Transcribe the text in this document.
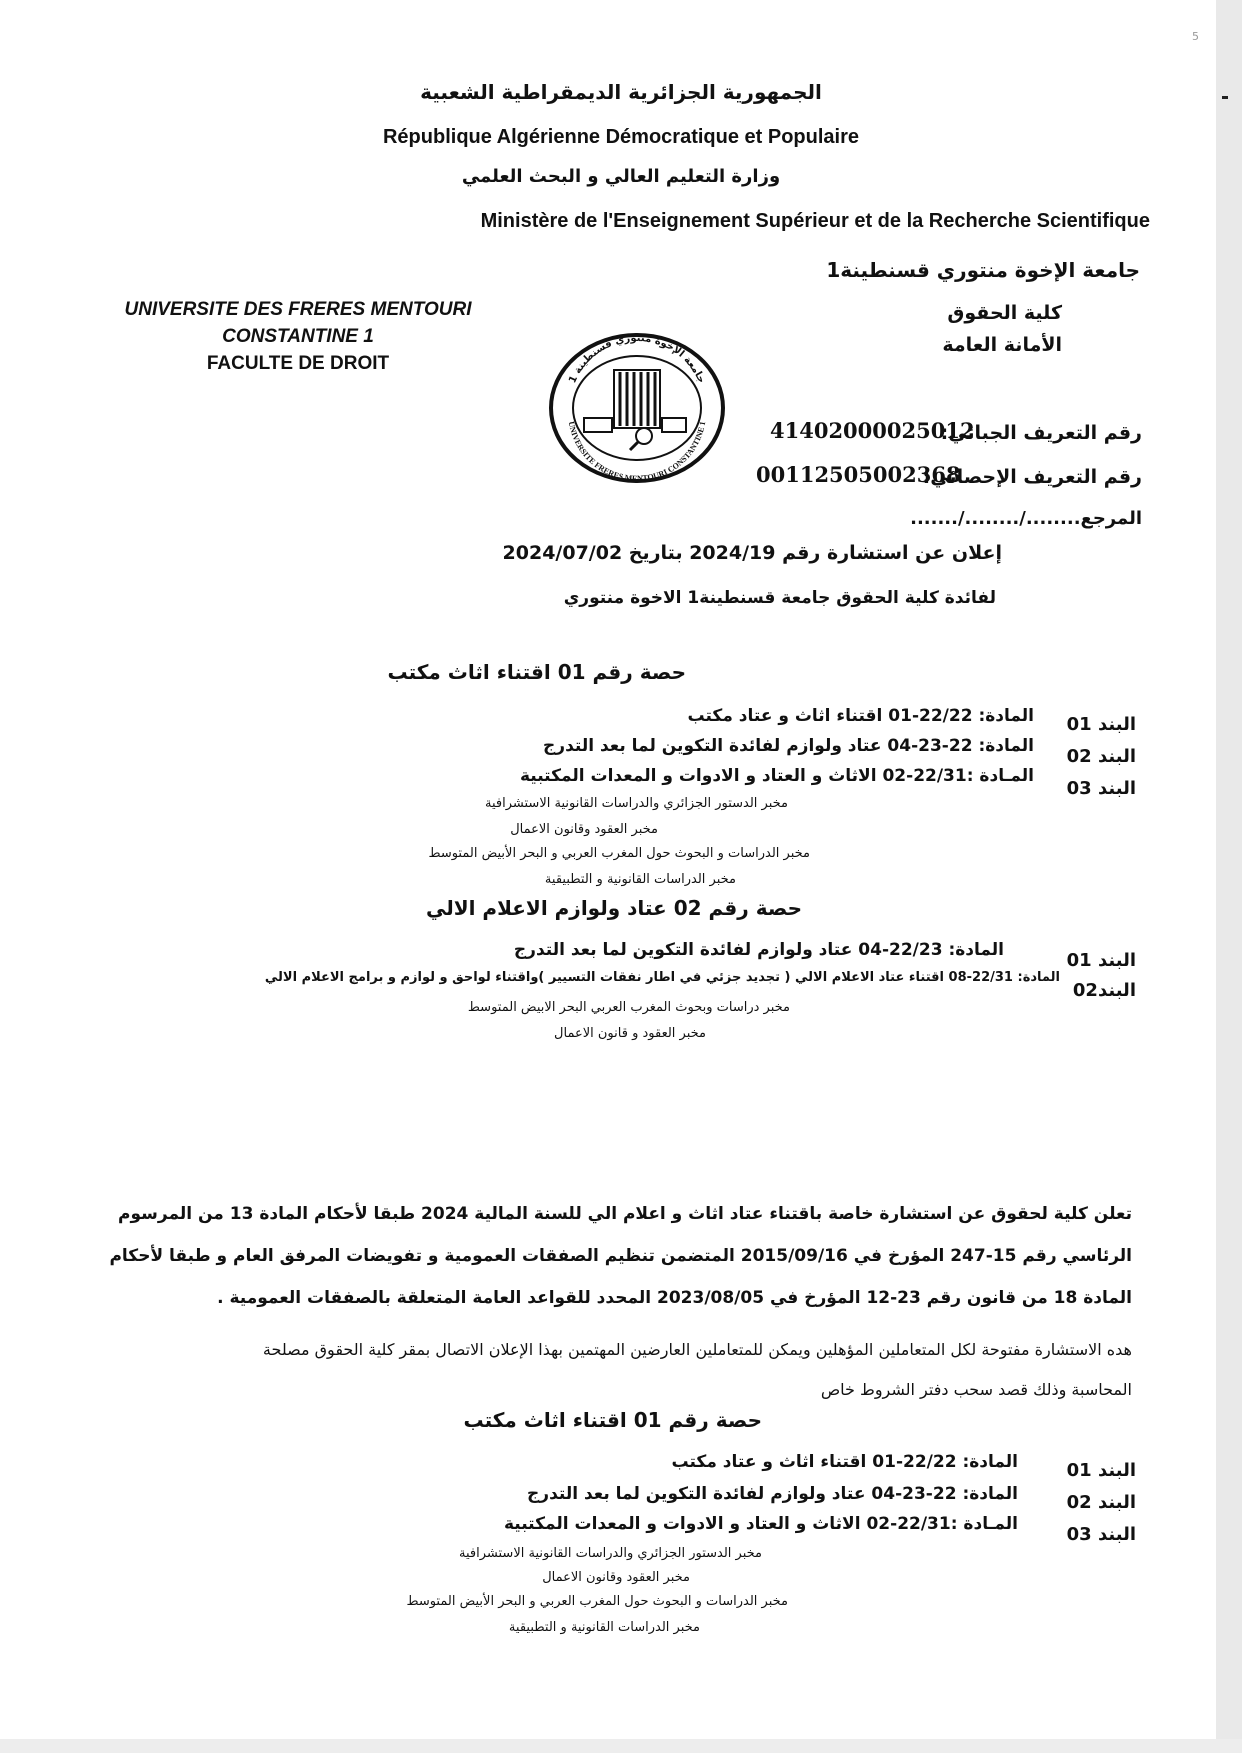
5
الجمهورية الجزائرية الديمقراطية الشعبية
République Algérienne Démocratique et Populaire
وزارة التعليم العالي و البحث العلمي
Ministère de l'Enseignement Supérieur et de la Recherche Scientifique
جامعة الإخوة منتوري قسنطينة1
كلية الحقوق
الأمانة العامة
UNIVERSITE DES FRERES MENTOURI
CONSTANTINE 1
FACULTE DE DROIT
جامعة الإخوة منتوري قسنطينة 1
UNIVERSITE FRERES MENTOURI CONSTANTINE 1	رقم التعريف الجبائي:
41402000025012
رقم التعريف الإحصائي:
00112505002368
المرجع......../......../.......
إعلان عن استشارة رقم 2024/19 بتاريخ 2024/07/02
لفائدة كلية الحقوق جامعة قسنطينة1 الاخوة منتوري
حصة رقم 01 اقتناء اثاث مكتب
البند 01
المادة: 22/22-01 اقتناء اثاث و عتاد مكتب
البند 02
المادة: 22-23-04 عتاد ولوازم لفائدة التكوين لما بعد التدرج
البند 03
المـادة :22/31-02 الاثاث و العتاد و الادوات و المعدات المكتبية
مخبر الدستور الجزائري والدراسات القانونية الاستشرافية
مخبر العقود وقانون الاعمال
مخبر الدراسات و البحوث حول المغرب العربي و البحر الأبيض المتوسط
مخبر الدراسات القانونية و التطبيقية
حصة رقم 02 عتاد ولوازم الاعلام الالي
البند 01
المادة: 22/23-04 عتاد ولوازم لفائدة التكوين لما بعد التدرج
البند02
المادة: 22/31-08 اقتناء عتاد الاعلام الالي ( تجديد جزئي في اطار نفقات التسيير )واقتناء لواحق و لوازم و برامج الاعلام الالي
مخبر دراسات وبحوث المغرب العربي البحر الابيض المتوسط
مخبر العقود و قانون الاعمال
تعلن كلية لحقوق عن استشارة خاصة باقتناء عتاد اثاث و اعلام الي للسنة المالية 2024 طبقا لأحكام المادة 13 من المرسوم
الرئاسي رقم 15-247 المؤرخ في 2015/09/16 المتضمن تنظيم الصفقات العمومية و تفويضات المرفق العام و طبقا لأحكام
المادة 18 من قانون رقم 23-12 المؤرخ في 2023/08/05 المحدد للقواعد العامة المتعلقة بالصفقات العمومية .
هده الاستشارة مفتوحة لكل المتعاملين المؤهلين ويمكن للمتعاملين العارضين المهتمين بهذا الإعلان الاتصال بمقر كلية الحقوق مصلحة
المحاسبة وذلك قصد سحب دفتر الشروط خاص
حصة رقم 01 اقتناء اثاث مكتب
البند 01
المادة: 22/22-01 اقتناء اثاث و عتاد مكتب
البند 02
المادة: 22-23-04 عتاد ولوازم لفائدة التكوين لما بعد التدرج
البند 03
المـادة :22/31-02 الاثاث و العتاد و الادوات و المعدات المكتبية
مخبر الدستور الجزائري والدراسات القانونية الاستشرافية
مخبر العقود وقانون الاعمال
مخبر الدراسات و البحوث حول المغرب العربي و البحر الأبيض المتوسط
مخبر الدراسات القانونية و التطبيقية
